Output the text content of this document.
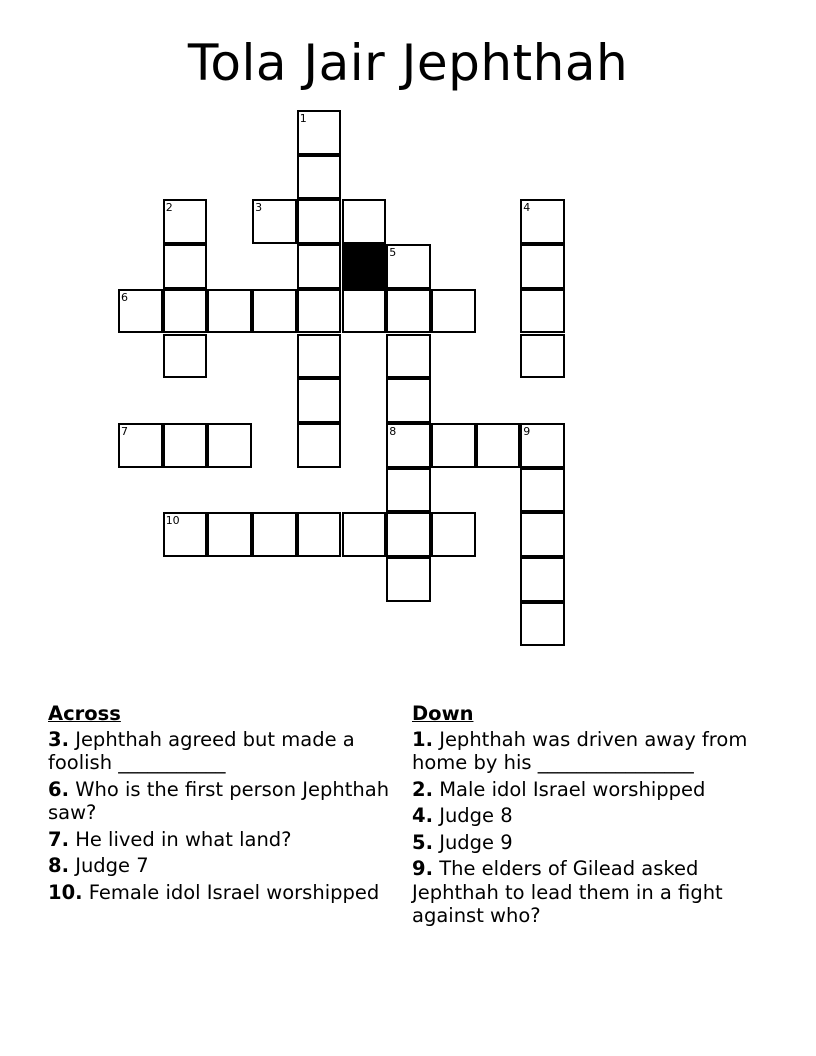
Tola Jair Jephthah
1
2	3
5
6
4
7	8	9
10
Across
3. Jephthah agreed but made a foolish ___________
6. Who is the first person Jephthah saw?
7. He lived in what land?
8. Judge 7
10. Female idol Israel worshipped
Down
1. Jephthah was driven away from home by his ________________
2. Male idol Israel worshipped
4. Judge 8
5. Judge 9
9. The elders of Gilead asked Jephthah to lead them in a fight against who?
